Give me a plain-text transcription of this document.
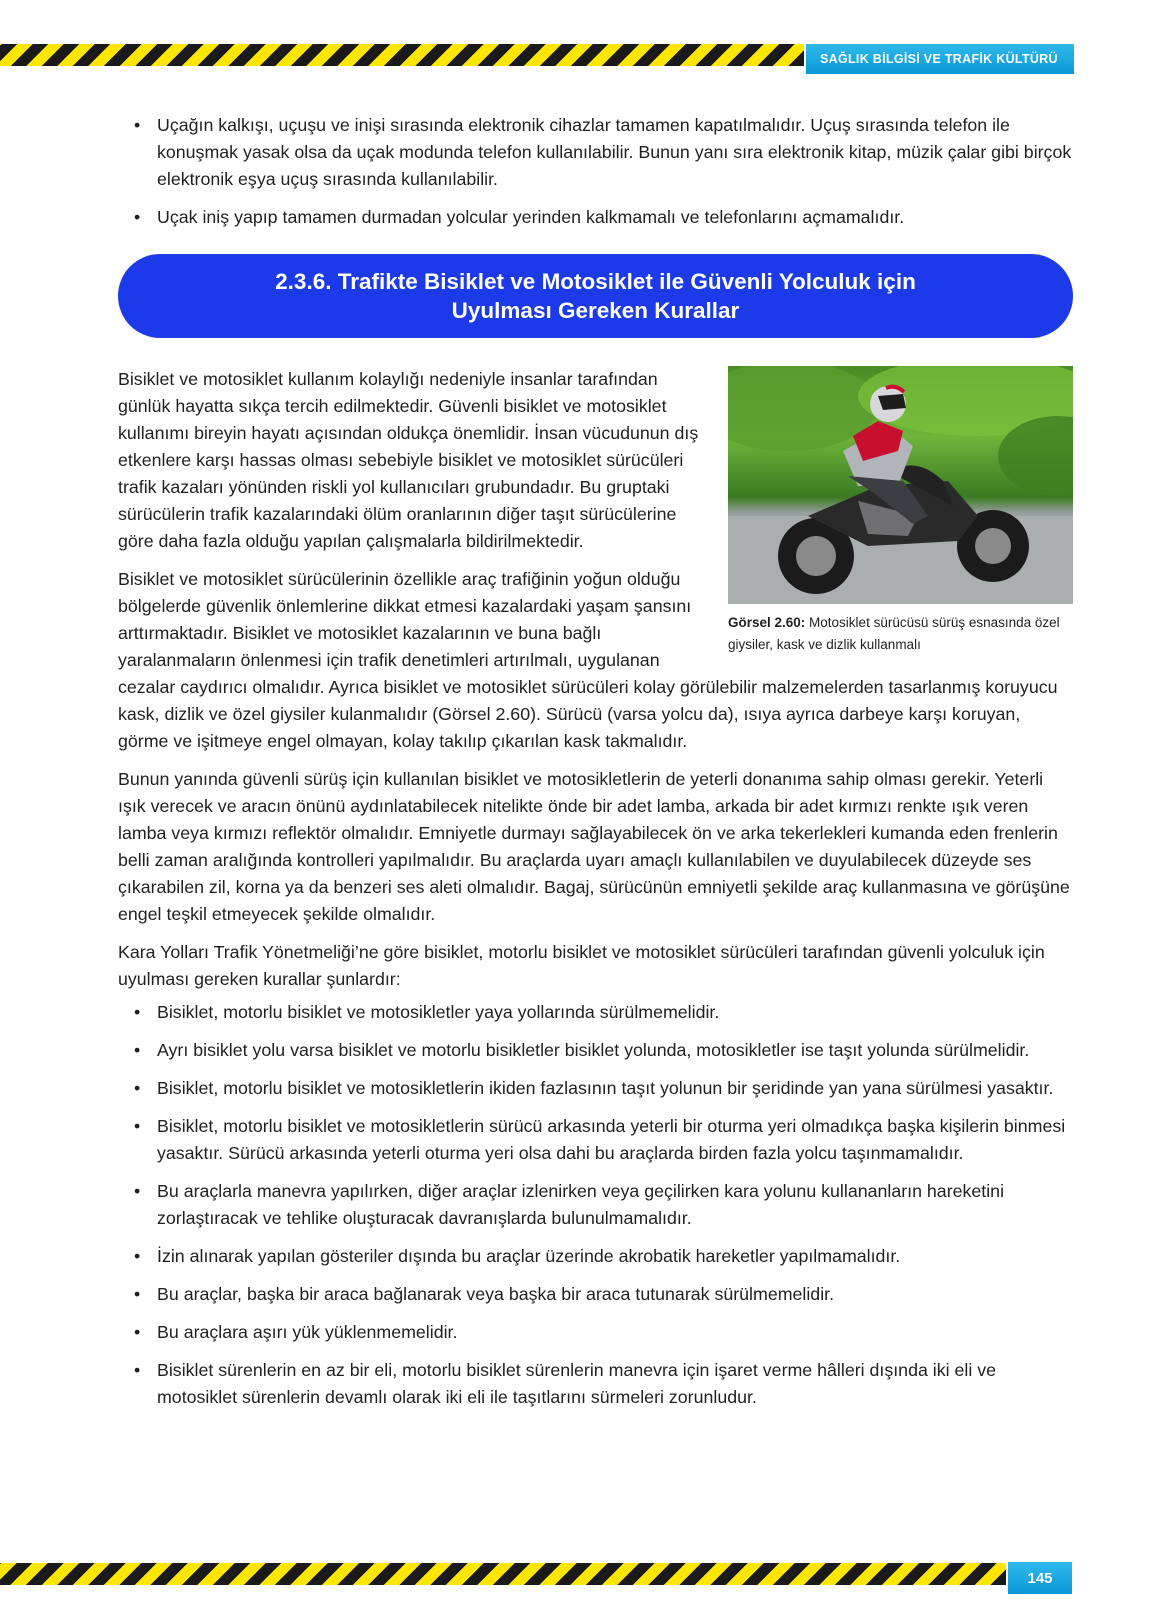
SAĞLIK BİLGİSİ VE TRAFİK KÜLTÜRÜ
• Uçağın kalkışı, uçuşu ve inişi sırasında elektronik cihazlar tamamen kapatılmalıdır. Uçuş sırasında telefon ile konuşmak yasak olsa da uçak modunda telefon kullanılabilir. Bunun yanı sıra elektronik kitap, müzik çalar gibi birçok elektronik eşya uçuş sırasında kullanılabilir.
• Uçak iniş yapıp tamamen durmadan yolcular yerinden kalkmamalı ve telefonlarını açmamalıdır.
2.3.6. Trafikte Bisiklet ve Motosiklet ile Güvenli Yolculuk için Uyulması Gereken Kurallar
Görsel 2.60: Motosiklet sürücüsü sürüş esnasında özel giysiler, kask ve dizlik kullanmalı

Bisiklet ve motosiklet kullanım kolaylığı nedeniyle insanlar tarafından günlük hayatta sıkça tercih edilmektedir. Güvenli bisiklet ve motosiklet kullanımı bireyin hayatı açısından oldukça önemlidir. İnsan vücudunun dış etkenlere karşı hassas olması sebebiyle bisiklet ve motosiklet sürücüleri trafik kazaları yönünden riskli yol kullanıcıları grubundadır. Bu gruptaki sürücülerin trafik kazalarındaki ölüm oranlarının diğer taşıt sürücülerine göre daha fazla olduğu yapılan çalışmalarla bildirilmektedir.

Bisiklet ve motosiklet sürücülerinin özellikle araç trafiğinin yoğun olduğu bölgelerde güvenlik önlemlerine dikkat etmesi kazalardaki yaşam şansını arttırmaktadır. Bisiklet ve motosiklet kazalarının ve buna bağlı yaralanmaların önlenmesi için trafik denetimleri artırılmalı, uygulanan cezalar caydırıcı olmalıdır. Ayrıca bisiklet ve motosiklet sürücüleri kolay görülebilir malzemelerden tasarlanmış koruyucu kask, dizlik ve özel giysiler kulanmalıdır (Görsel 2.60). Sürücü (varsa yolcu da), ısıya ayrıca darbeye karşı koruyan, görme ve işitmeye engel olmayan, kolay takılıp çıkarılan kask takmalıdır.

Bunun yanında güvenli sürüş için kullanılan bisiklet ve motosikletlerin de yeterli donanıma sahip olması gerekir. Yeterli ışık verecek ve aracın önünü aydınlatabilecek nitelikte önde bir adet lamba, arkada bir adet kırmızı renkte ışık veren lamba veya kırmızı reflektör olmalıdır. Emniyetle durmayı sağlayabilecek ön ve arka tekerlekleri kumanda eden frenlerin belli zaman aralığında kontrolleri yapılmalıdır. Bu araçlarda uyarı amaçlı kullanılabilen ve duyulabilecek düzeyde ses çıkarabilen zil, korna ya da benzeri ses aleti olmalıdır. Bagaj, sürücünün emniyetli şekilde araç kullanmasına ve görüşüne engel teşkil etmeyecek şekilde olmalıdır.

Kara Yolları Trafik Yönetmeliği’ne göre bisiklet, motorlu bisiklet ve motosiklet sürücüleri tarafından güvenli yolculuk için uyulması gereken kurallar şunlardır:

• Bisiklet, motorlu bisiklet ve motosikletler yaya yollarında sürülmemelidir.
• Ayrı bisiklet yolu varsa bisiklet ve motorlu bisikletler bisiklet yolunda, motosikletler ise taşıt yolunda sürülmelidir.
• Bisiklet, motorlu bisiklet ve motosikletlerin ikiden fazlasının taşıt yolunun bir şeridinde yan yana sürülmesi yasaktır.
• Bisiklet, motorlu bisiklet ve motosikletlerin sürücü arkasında yeterli bir oturma yeri olmadıkça başka kişilerin binmesi yasaktır. Sürücü arkasında yeterli oturma yeri olsa dahi bu araçlarda birden fazla yolcu taşınmamalıdır.
• Bu araçlarla manevra yapılırken, diğer araçlar izlenirken veya geçilirken kara yolunu kullananların hareketini zorlaştıracak ve tehlike oluşturacak davranışlarda bulunulmamalıdır.
• İzin alınarak yapılan gösteriler dışında bu araçlar üzerinde akrobatik hareketler yapılmamalıdır.
• Bu araçlar, başka bir araca bağlanarak veya başka bir araca tutunarak sürülmemelidir.
• Bu araçlara aşırı yük yüklenmemelidir.
• Bisiklet sürenlerin en az bir eli, motorlu bisiklet sürenlerin manevra için işaret verme hâlleri dışında iki eli ve motosiklet sürenlerin devamlı olarak iki eli ile taşıtlarını sürmeleri zorunludur.
145
